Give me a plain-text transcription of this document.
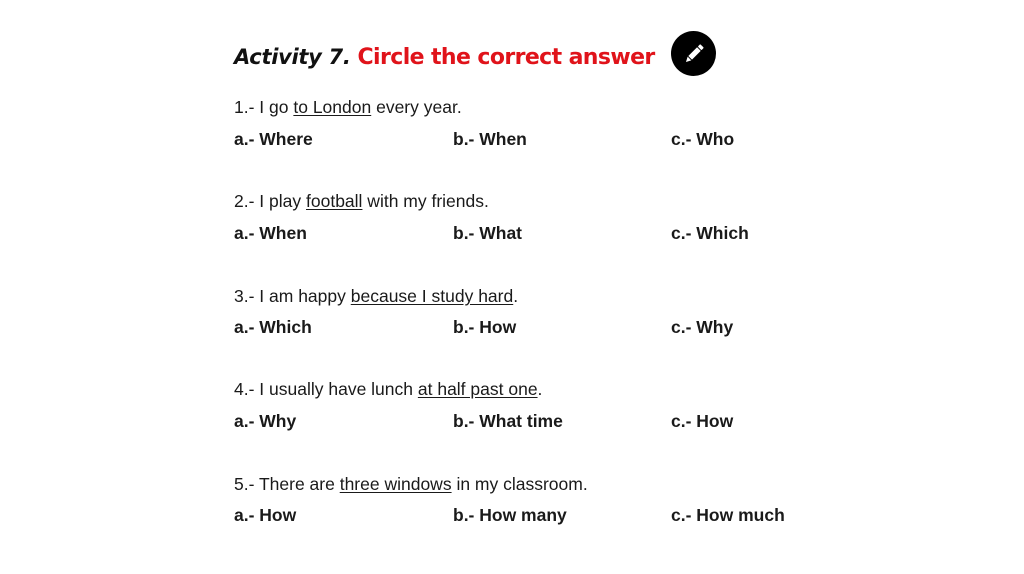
Activity 7. Circle the correct answer
1.- I go to London every year.
a.- Where	b.- When	c.- Who
2.- I play football with my friends.
a.- When	b.- What	c.- Which
3.- I am happy because I study hard.
a.- Which	b.- How	c.- Why
4.- I usually have lunch at half past one.
a.- Why	b.- What time	c.- How
5.- There are three windows in my classroom.
a.- How	b.- How many	c.- How much
